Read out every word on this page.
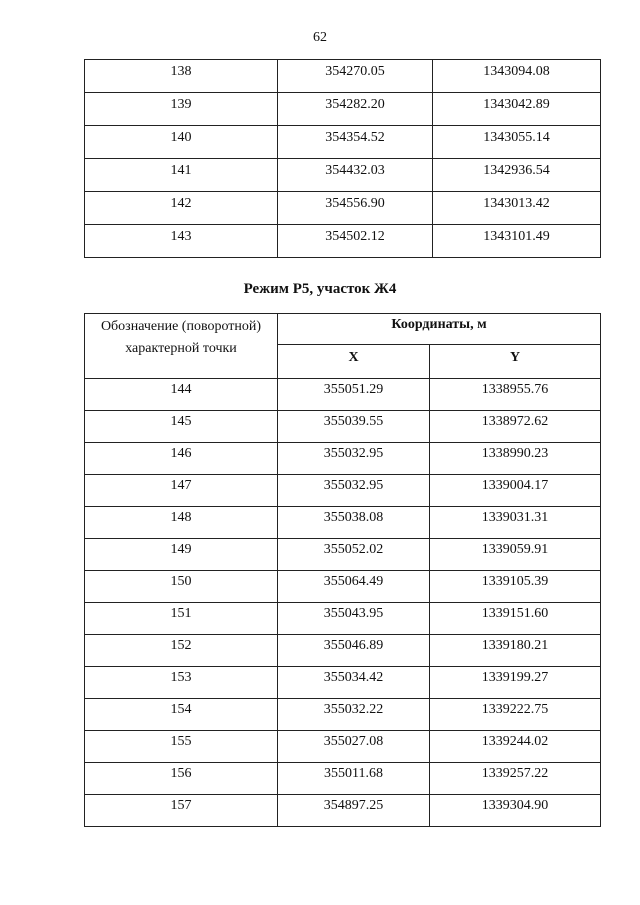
62
138	354270.05	1343094.08
139	354282.20	1343042.89
140	354354.52	1343055.14
141	354432.03	1342936.54
142	354556.90	1343013.42
143	354502.12	1343101.49
Режим Р5, участок Ж4
Обозначение (поворотной)
характерной точки	Координаты, м	
	X	Y
144	355051.29	1338955.76
145	355039.55	1338972.62
146	355032.95	1338990.23
147	355032.95	1339004.17
148	355038.08	1339031.31
149	355052.02	1339059.91
150	355064.49	1339105.39
151	355043.95	1339151.60
152	355046.89	1339180.21
153	355034.42	1339199.27
154	355032.22	1339222.75
155	355027.08	1339244.02
156	355011.68	1339257.22
157	354897.25	1339304.90
